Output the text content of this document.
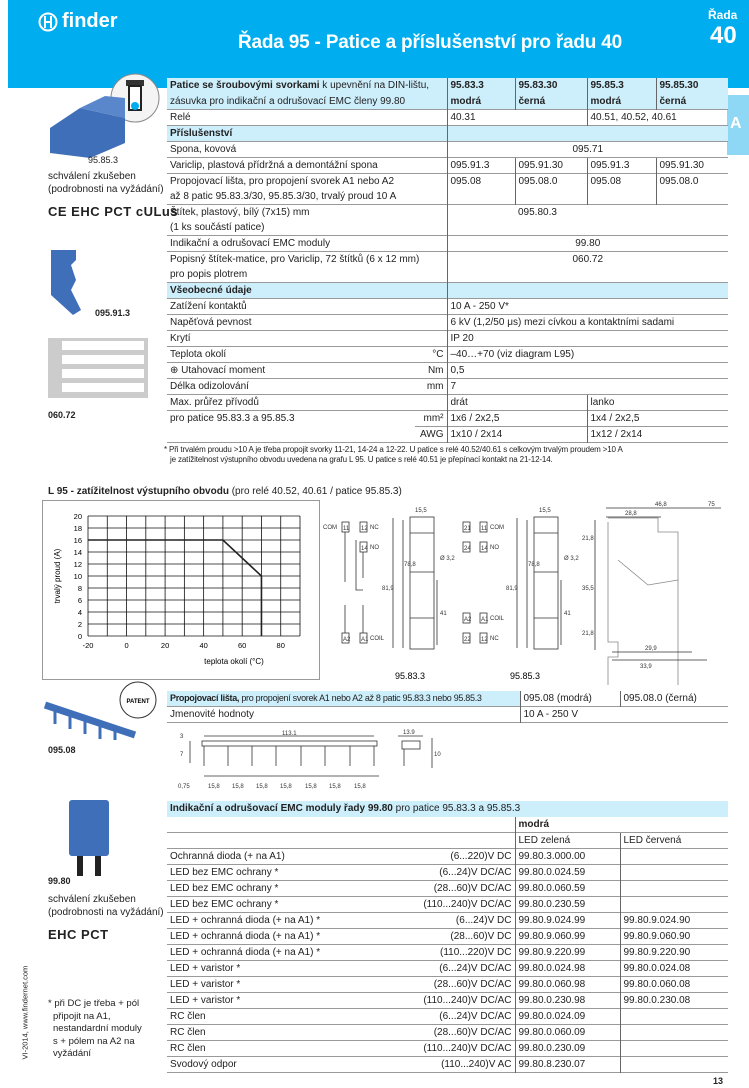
finder
Řada 95 - Patice a příslušenství pro řadu 40
Řada
40
A
95.85.3
schválení zkušeben
(podrobnosti na vyžádání)
CE EHC PCT cULus
095.91.3
060.72
PATENT
095.08
99.80
schválení zkušeben
(podrobnosti na vyžádání)
EHC PCT
* při DC je třeba + pól
připojit na A1,
nestandardní moduly
s + pólem na A2 na
vyžádání
VI-2014, www.findernet.com
Patice se šroubovými svorkami k upevnění na DIN-lištu,		95.83.3	95.83.30	95.85.3	95.85.30
zásuvka pro indikační a odrušovací EMC členy 99.80		modrá	černá	modrá	černá
Relé		40.31		40.51, 40.52, 40.61	
Příslušenství					
Spona, kovová		095.71			
Variclip, plastová přídržná a demontážní spona		095.91.3	095.91.30	095.91.3	095.91.30
Propojovací lišta, pro propojení svorek A1 nebo A2		095.08	095.08.0	095.08	095.08.0
až 8 patic 95.83.3/30, 95.85.3/30, trvalý proud 10 A					
Štítek, plastový, bílý (7x15) mm			095.80.3		
(1 ks součástí patice)					
Indikační a odrušovací EMC moduly		99.80			
Popisný štítek-matice, pro Variclip, 72 štítků (6 x 12 mm)		060.72			
pro popis plotrem					
Všeobecné údaje					
Zatížení kontaktů		10 A - 250 V*			
Napěťová pevnost		6 kV (1,2/50 μs) mezi cívkou a kontaktními sadami			
Krytí		IP 20			
Teplota okolí	°C	–40…+70 (viz diagram L95)			
⊕ Utahovací moment	Nm	0,5			
Délka odizolování	mm	7			
Max. průřez přívodů		drát		lanko	
pro patice 95.83.3 a 95.85.3	mm²	1x6 / 2x2,5		1x4 / 2x2,5	
	AWG	1x10 / 2x14		1x12 / 2x14	
* Při trvalém proudu >10 A je třeba propojit svorky 11-21, 14-24 a 12-22. U patice s relé 40.52/40.61 s celkovým trvalým proudem >10 A
je zatížitelnost výstupního obvodu uvedena na grafu L 95. U patice s relé 40.51 je přepínací kontakt na 21-12-14.
L 95 - zatížitelnost výstupního obvodu (pro relé 40.52, 40.61 / patice 95.85.3)
0
2
4
6
8
10
12
14
16
18
20
-20	0	20	40	60	80
teplota okolí (°C)
trvalý proud (A)
COM 11 12 NC
14 NO
A2 A1 COIL
15,5
81,9
78,8
Ø 3,2
41
21 11 COM
24 14 NO
A2 A1 COIL
22 12 NC
15,5
81,9
78,8
Ø 3,2
41
75
46,8
28,8
21,8
35,5
21,8
29,9
33,9
95.83.3	95.85.3
Propojovací lišta, pro propojení svorek A1 nebo A2 až 8 patic 95.83.3 nebo 95.85.3	095.08 (modrá)	095.08.0 (černá)
Jmenovité hodnoty	10 A - 250 V	
113.1	13.9
3
7	10
0,75	15,8 15,8 15,8 15,8 15,8 15,8 15,8
Indikační a odrušovací EMC moduly řady 99.80 pro patice 95.83.3 a 95.85.3			
		modrá	
		LED zelená	LED červená
Ochranná dioda (+ na A1)	(6...220)V DC	99.80.3.000.00	
LED bez EMC ochrany *	(6...24)V DC/AC	99.80.0.024.59	
LED bez EMC ochrany *	(28...60)V DC/AC	99.80.0.060.59	
LED bez EMC ochrany *	(110...240)V DC/AC	99.80.0.230.59	
LED + ochranná dioda (+ na A1) *	(6...24)V DC	99.80.9.024.99	99.80.9.024.90
LED + ochranná dioda (+ na A1) *	(28...60)V DC	99.80.9.060.99	99.80.9.060.90
LED + ochranná dioda (+ na A1) *	(110...220)V DC	99.80.9.220.99	99.80.9.220.90
LED + varistor *	(6...24)V DC/AC	99.80.0.024.98	99.80.0.024.08
LED + varistor *	(28...60)V DC/AC	99.80.0.060.98	99.80.0.060.08
LED + varistor *	(110...240)V DC/AC	99.80.0.230.98	99.80.0.230.08
RC člen	(6...24)V DC/AC	99.80.0.024.09	
RC člen	(28...60)V DC/AC	99.80.0.060.09	
RC člen	(110...240)V DC/AC	99.80.0.230.09	
Svodový odpor	(110...240)V AC	99.80.8.230.07	
13
